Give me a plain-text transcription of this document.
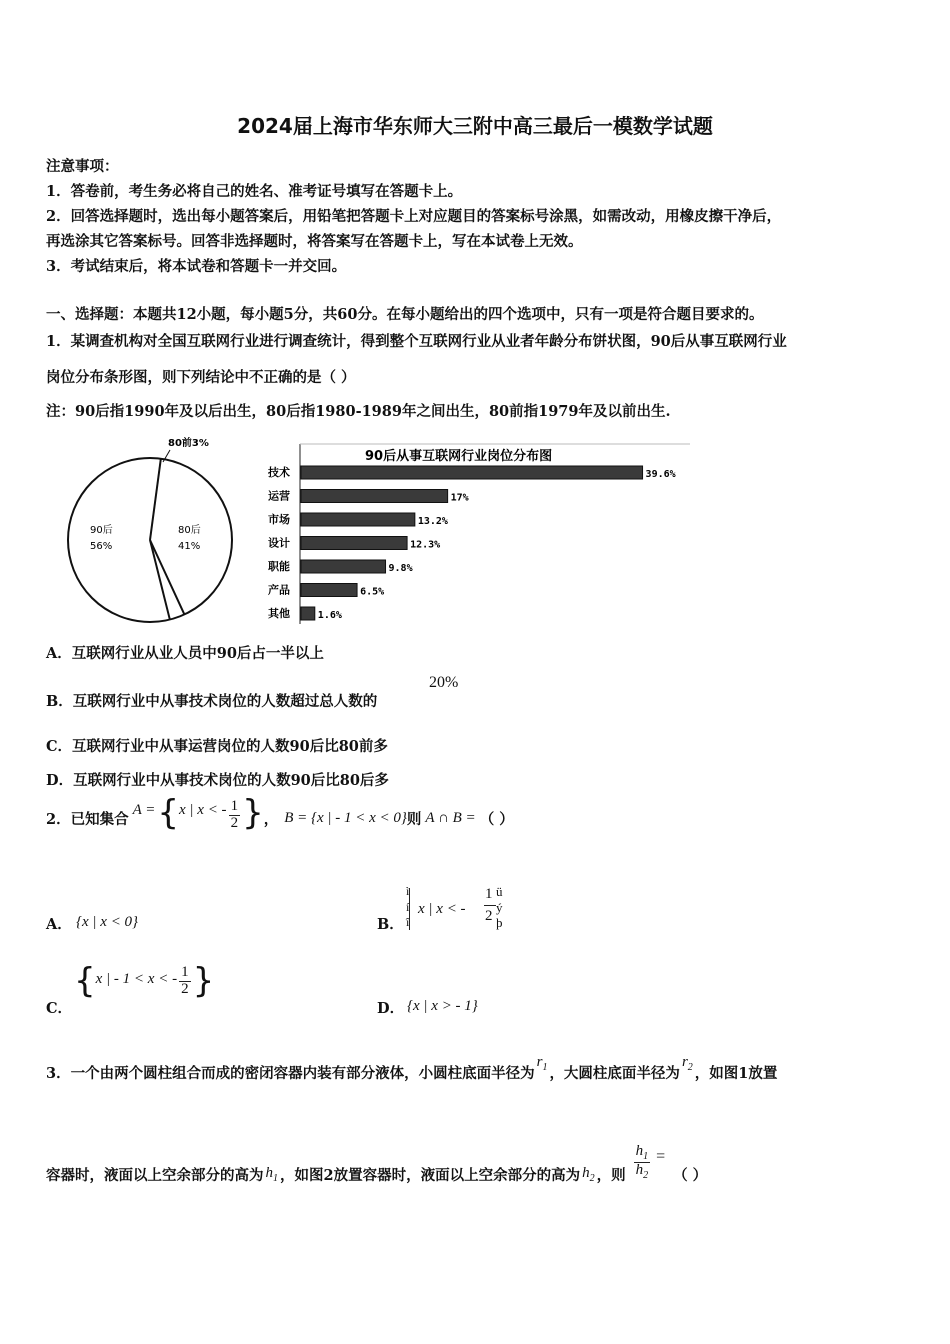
2024届上海市华东师大三附中高三最后一模数学试题
注意事项：
1．答卷前，考生务必将自己的姓名、准考证号填写在答题卡上。
2．回答选择题时，选出每小题答案后，用铅笔把答题卡上对应题目的答案标号涂黑，如需改动，用橡皮擦干净后，
再选涂其它答案标号。回答非选择题时，将答案写在答题卡上，写在本试卷上无效。
3．考试结束后，将本试卷和答题卡一并交回。
一、选择题：本题共12小题，每小题5分，共60分。在每小题给出的四个选项中，只有一项是符合题目要求的。
1．某调查机构对全国互联网行业进行调查统计，得到整个互联网行业从业者年龄分布饼状图，90后从事互联网行业
岗位分布条形图，则下列结论中不正确的是（ ）
注：90后指1990年及以后出生，80后指1980-1989年之间出生，80前指1979年及以前出生.
80前3%
90后
56%
80后
41%
90后从事互联网行业岗位分布图
技术	39.6%
运营	17%
市场	13.2%
设计	12.3%
职能	9.8%
产品	6.5%
其他	1.6%
A．互联网行业从业人员中90后占一半以上
B．互联网行业中从事技术岗位的人数超过总人数的
20%
C．互联网行业中从事运营岗位的人数90后比80前多
D．互联网行业中从事技术岗位的人数90后比80后多
2．已知集合
A = { x | x < - $\frac{1}{2}$ } ， B = {x | - 1 < x < 0} 则 A ∩ B = （ ）
A． {x | x < 0}	B．
ì
í
î
x | x < -
1
2
ü
ý
þ
C．
{ x | - 1 < x < - $\frac{1}{2}$ }
D． {x | x > - 1}
3．一个由两个圆柱组合而成的密闭容器内装有部分液体，小圆柱底面半径为
$r_1$ ，大圆柱底面半径为
$r_2$ ，如图1放置
容器时，液面以上空余部分的高为 $h_1$ ，如图2放置容器时，液面以上空余部分的高为 $h_2$ ，则 $\frac{h_1}{h_2}$ =
（ ）
